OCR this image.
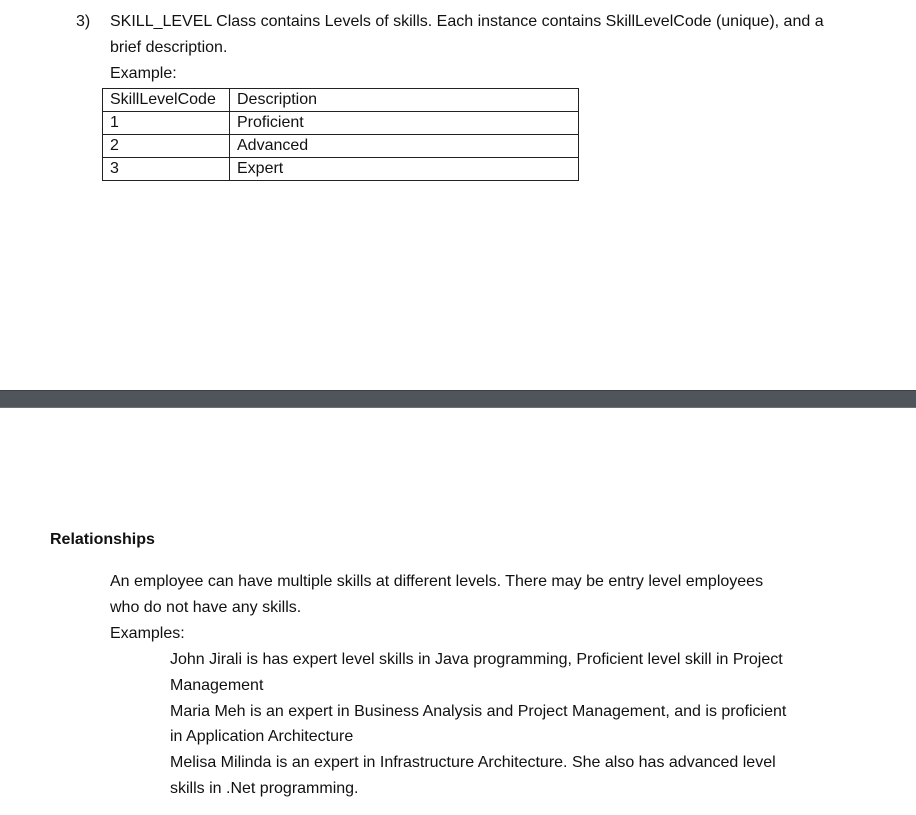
3) SKILL_LEVEL Class contains Levels of skills. Each instance contains SkillLevelCode (unique), and a
brief description.
Example:
SkillLevelCode	Description
1	Proficient
2	Advanced
3	Expert
Relationships
An employee can have multiple skills at different levels. There may be entry level employees
who do not have any skills.
Examples:
John Jirali is has expert level skills in Java programming, Proficient level skill in Project
Management
Maria Meh is an expert in Business Analysis and Project Management, and is proficient
in Application Architecture
Melisa Milinda is an expert in Infrastructure Architecture. She also has advanced level
skills in .Net programming.
